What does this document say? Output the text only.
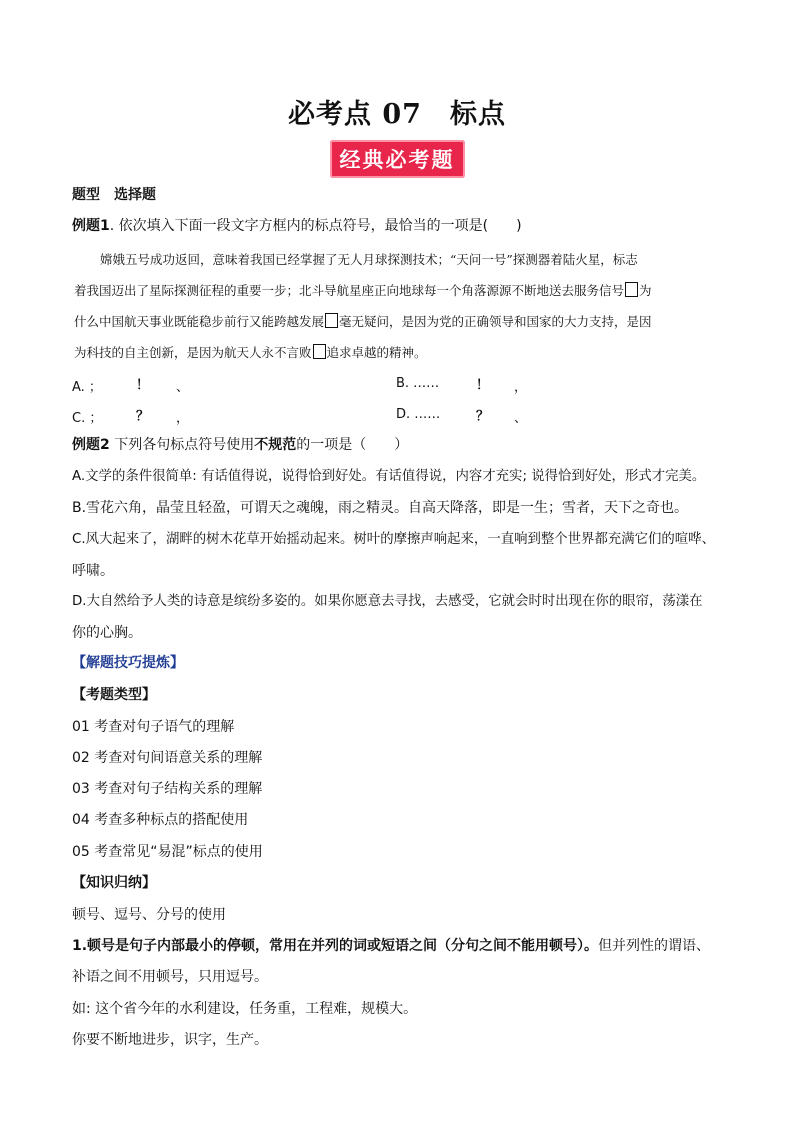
必考点 07　标点
经典必考题
题型　选择题
例题1. 依次填入下面一段文字方框内的标点符号，最恰当的一项是(　　)
嫦娥五号成功返回，意味着我国已经掌握了无人月球探测技术；“天问一号”探测器着陆火星，标志
着我国迈出了星际探测征程的重要一步；北斗导航星座正向地球每一个角落源源不断地送去服务信号 为
什么中国航天事业既能稳步前行又能跨越发展 毫无疑问，是因为党的正确领导和国家的大力支持，是因
为科技的自主创新，是因为航天人永不言败 追求卓越的精神。
A. ；	！ 、	B. ……	！ ，
C. ；	？ ，	D. ……	？ 、
例题2 下列各句标点符号使用不规范的一项是（　　）
A.文学的条件很简单: 有话值得说，说得恰到好处。有话值得说，内容才充实; 说得恰到好处，形式才完美。
B.雪花六角，晶莹且轻盈，可谓天之魂魄，雨之精灵。自高天降落，即是一生；雪者，天下之奇也。
C.风大起来了，湖畔的树木花草开始摇动起来。树叶的摩擦声响起来，一直响到整个世界都充满它们的喧哗、
呼啸。
D.大自然给予人类的诗意是缤纷多姿的。如果你愿意去寻找，去感受，它就会时时出现在你的眼帘，荡漾在
你的心胸。
【解题技巧提炼】
【考题类型】
01 考查对句子语气的理解
02 考查对句间语意关系的理解
03 考查对句子结构关系的理解
04 考查多种标点的搭配使用
05 考查常见“易混”标点的使用
【知识归纳】
顿号、逗号、分号的使用
1.顿号是句子内部最小的停顿，常用在并列的词或短语之间（分句之间不能用顿号）。但并列性的谓语、
补语之间不用顿号，只用逗号。
如: 这个省今年的水利建设，任务重，工程难，规模大。
你要不断地进步，识字，生产。
